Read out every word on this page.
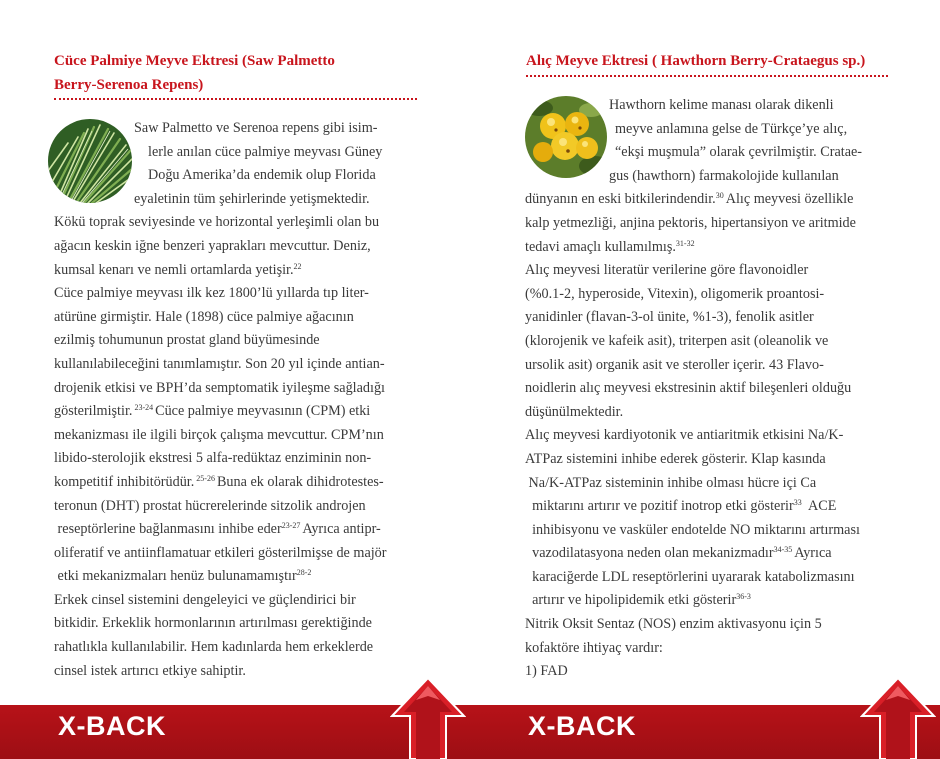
Cüce Palmiye Meyve Ektresi (Saw Palmetto
Berry-Serenoa Repens)
Saw Palmetto ve Serenoa repens gibi isim-
lerle anılan cüce palmiye meyvası Güney
Doğu Amerika’da endemik olup Florida
eyaletinin tüm şehirlerinde yetişmektedir.
Kökü toprak seviyesinde ve horizontal yerleşimli olan bu
ağacın keskin iğne benzeri yaprakları mevcuttur. Deniz,
kumsal kenarı ve nemli ortamlarda yetişir.$^{22}$
Cüce palmiye meyvası ilk kez 1800’lü yıllarda tıp liter-
atürüne girmiştir. Hale (1898) cüce palmiye ağacının
ezilmiş tohumunun prostat gland büyümesinde
kullanılabileceğini tanımlamıştır. Son 20 yıl içinde antian-
drojenik etkisi ve BPH’da semptomatik iyileşme sağladığı
gösterilmiştir. $^{23-24}$ Cüce palmiye meyvasının (CPM) etki
mekanizması ile ilgili birçok çalışma mevcuttur. CPM’nın
libido-sterolojik ekstresi 5 alfa-redüktaz enziminin non-
kompetitif inhibitörüdür. $^{25-26}$ Buna ek olarak dihidrotestes-
teronun (DHT) prostat hücrerelerinde sitzolik androjen
reseptörlerine bağlanmasını inhibe eder$^{23-27}$ Ayrıca antipr-
oliferatif ve antiinflamatuar etkileri gösterilmişse de majör
etki mekanizmaları henüz bulunamamıştır$^{28-2}$
Erkek cinsel sistemini dengeleyici ve güçlendirici bir
bitkidir. Erkeklik hormonlarının artırılması gerektiğinde
rahatlıkla kullanılabilir. Hem kadınlarda hem erkeklerde
cinsel istek artırıcı etkiye sahiptir.
X-BACK
Alıç Meyve Ektresi ( Hawthorn Berry-Crataegus sp.)
Hawthorn kelime manası olarak dikenli
meyve anlamına gelse de Türkçe’ye alıç,
“ekşi muşmula” olarak çevrilmiştir. Cratae-
gus (hawthorn) farmakolojide kullanılan
dünyanın en eski bitkilerindendir.$^{30}$ Alıç meyvesi özellikle
kalp yetmezliği, anjina pektoris, hipertansiyon ve aritmide
tedavi amaçlı kullamılmış.$^{31-32}$
Alıç meyvesi literatür verilerine göre flavonoidler
(%0.1-2, hyperoside, Vitexin), oligomerik proantosi-
yanidinler (flavan-3-ol ünite, %1-3), fenolik asitler
(klorojenik ve kafeik asit), triterpen asit (oleanolik ve
ursolik asit) organik asit ve steroller içerir. 43 Flavo-
noidlerin alıç meyvesi ekstresinin aktif bileşenleri olduğu
düşünülmektedir.
Alıç meyvesi kardiyotonik ve antiaritmik etkisini Na/K-
ATPaz sistemini inhibe ederek gösterir. Klap kasında
Na/K-ATPaz sisteminin inhibe olması hücre içi Ca
miktarını artırır ve pozitif inotrop etki gösterir$^{33}$  ACE
inhibisyonu ve vasküler endotelde NO miktarını artırması
vazodilatasyona neden olan mekanizmadır$^{34-35}$ Ayrıca
karaciğerde LDL reseptörlerini uyararak katabolizmasını
artırır ve hipolipidemik etki gösterir$^{36-3}$
Nitrik Oksit Sentaz (NOS) enzim aktivasyonu için 5
kofaktöre ihtiyaç vardır:
1) FAD
X-BACK
